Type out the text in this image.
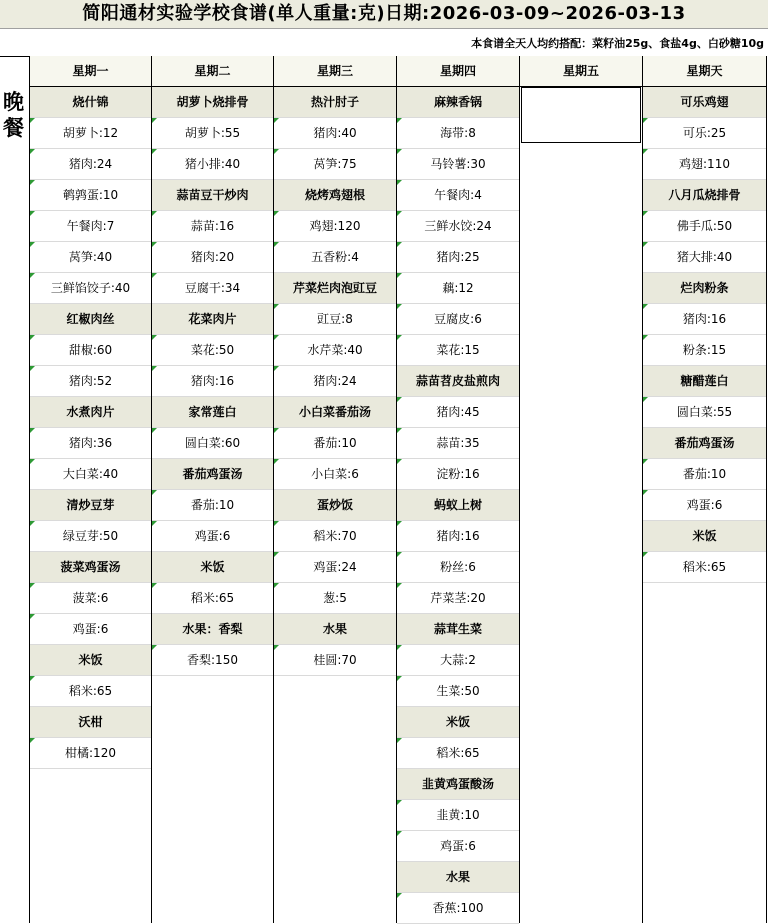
简阳通材实验学校食谱(单人重量:克)日期:2026-03-09~2026-03-13
本食谱全天人均约搭配：菜籽油25g、食盐4g、白砂糖10g
晚餐
星期一
烧什锦
胡萝卜:12
猪肉:24
鹌鹑蛋:10
午餐肉:7
莴笋:40
三鲜馅饺子:40
红椒肉丝
甜椒:60
猪肉:52
水煮肉片
猪肉:36
大白菜:40
清炒豆芽
绿豆芽:50
菠菜鸡蛋汤
菠菜:6
鸡蛋:6
米饭
稻米:65
沃柑
柑橘:120
星期二
胡萝卜烧排骨
胡萝卜:55
猪小排:40
蒜苗豆干炒肉
蒜苗:16
猪肉:20
豆腐干:34
花菜肉片
菜花:50
猪肉:16
家常莲白
圆白菜:60
番茄鸡蛋汤
番茄:10
鸡蛋:6
米饭
稻米:65
水果：香梨
香梨:150
星期三
热汁肘子
猪肉:40
莴笋:75
烧烤鸡翅根
鸡翅:120
五香粉:4
芹菜烂肉泡豇豆
豇豆:8
水芹菜:40
猪肉:24
小白菜番茄汤
番茄:10
小白菜:6
蛋炒饭
稻米:70
鸡蛋:24
葱:5
水果
桂圆:70
星期四
麻辣香锅
海带:8
马铃薯:30
午餐肉:4
三鲜水饺:24
猪肉:25
藕:12
豆腐皮:6
菜花:15
蒜苗苕皮盐煎肉
猪肉:45
蒜苗:35
淀粉:16
蚂蚁上树
猪肉:16
粉丝:6
芹菜茎:20
蒜茸生菜
大蒜:2
生菜:50
米饭
稻米:65
韭黄鸡蛋酸汤
韭黄:10
鸡蛋:6
水果
香蕉:100
星期五	星期天
可乐鸡翅
可乐:25
鸡翅:110
八月瓜烧排骨
佛手瓜:50
猪大排:40
烂肉粉条
猪肉:16
粉条:15
糖醋莲白
圆白菜:55
番茄鸡蛋汤
番茄:10
鸡蛋:6
米饭
稻米:65
